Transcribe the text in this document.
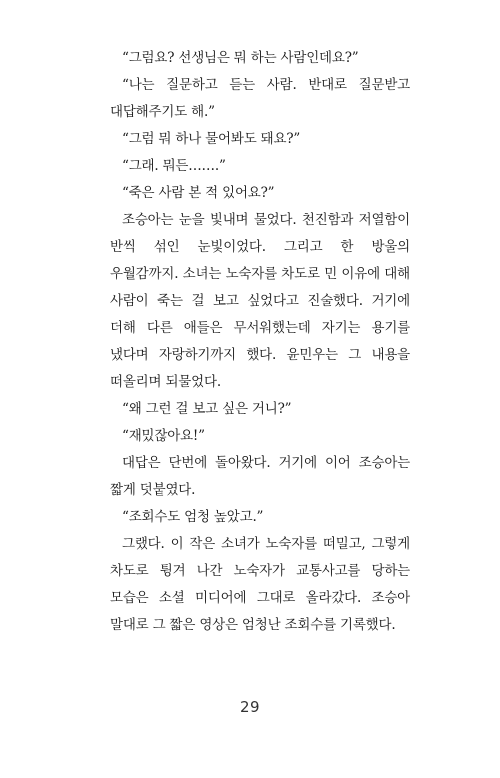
“그럼요? 선생님은 뭐 하는 사람인데요?”

“나는 질문하고 듣는 사람. 반대로 질문받고 대답해주기도 해.”

“그럼 뭐 하나 물어봐도 돼요?”

“그래. 뭐든…….”

“죽은 사람 본 적 있어요?”

조승아는 눈을 빛내며 물었다. 천진함과 저열함이 반씩 섞인 눈빛이었다. 그리고 한 방울의 우월감까지. 소녀는 노숙자를 차도로 민 이유에 대해 사람이 죽는 걸 보고 싶었다고 진술했다. 거기에 더해 다른 애들은 무서워했는데 자기는 용기를 냈다며 자랑하기까지 했다. 윤민우는 그 내용을 떠올리며 되물었다.

“왜 그런 걸 보고 싶은 거니?”

“재밌잖아요!”

대답은 단번에 돌아왔다. 거기에 이어 조승아는 짧게 덧붙였다.

“조회수도 엄청 높았고.”

그랬다. 이 작은 소녀가 노숙자를 떠밀고, 그렇게 차도로 튕겨 나간 노숙자가 교통사고를 당하는 모습은 소셜 미디어에 그대로 올라갔다. 조승아 말대로 그 짧은 영상은 엄청난 조회수를 기록했다.

29
